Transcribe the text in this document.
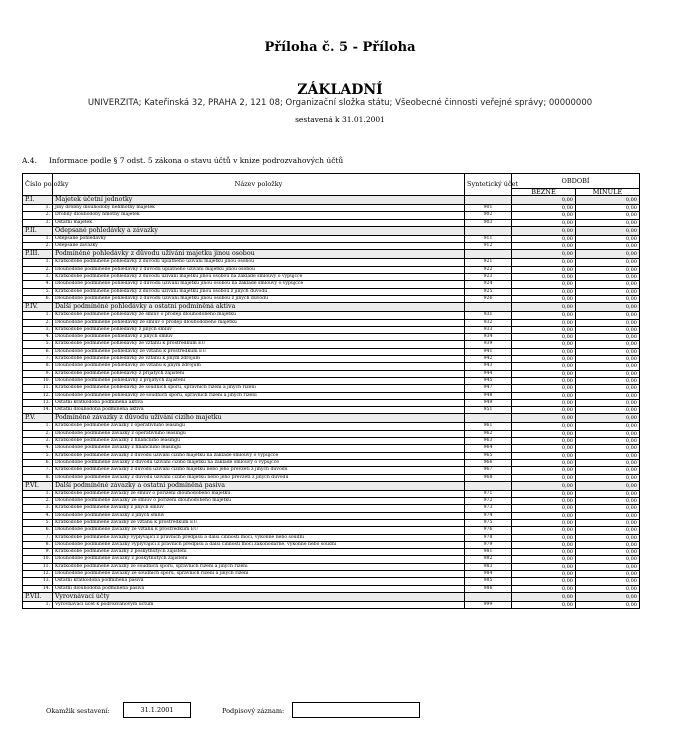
Příloha č. 5 - Příloha
ZÁKLADNÍ
UNIVERZITA; Kateřinská 32, PRAHA 2, 121 08; Organizační složka státu; Všeobecné činnosti veřejné správy; 00000000
sestavená k 31.01.2001
A.4. Informace podle § 7 odst. 5 zákona o stavu účtů v knize podrozvahových účtů
Číslo položky	Název položky	Syntetický účet	OBDOBÍ	
			BĚŽNÉ	MINULÉ
P.I.	Majetek účetní jednotky		0,00	0,00
1.	Jiný drobný dlouhodobý nehmotný majetek	901	0,00	0,00
2.	Drobný dlouhodobý hmotný majetek	902	0,00	0,00
3.	Ostatní majetek	903	0,00	0,00
P.II.	Odepsané pohledávky a závazky		0,00	0,00
1.	Odepsané pohledávky	911	0,00	0,00
2.	Odepsané závazky	912	0,00	0,00
P.III.	Podmíněné pohledávky z důvodu užívání majetku jinou osobou		0,00	0,00
1.	Krátkodobé podmíněné pohledávky z důvodu úplatného užívání majetku jinou osobou	921	0,00	0,00
2.	Dlouhodobé podmíněné pohledávky z důvodu úplatného užívání majetku jinou osobou	922	0,00	0,00
3.	Krátkodobé podmíněné pohledávky z důvodu užívání majetku jinou osobou na základě smlouvy o výpůjčce	923	0,00	0,00
4.	Dlouhodobé podmíněné pohledávky z důvodu užívání majetku jinou osobou na základě smlouvy o výpůjčce	924	0,00	0,00
5.	Krátkodobé podmíněné pohledávky z důvodu užívání majetku jinou osobou z jiných důvodů	925	0,00	0,00
6.	Dlouhodobé podmíněné pohledávky z důvodu užívání majetku jinou osobou z jiných důvodů	926	0,00	0,00
P.IV.	Další podmíněné pohledávky a ostatní podmíněná aktiva		0,00	0,00
1.	Krátkodobé podmíněné pohledávky ze smluv o prodeji dlouhodobého majetku	931	0,00	0,00
2.	Dlouhodobé podmíněné pohledávky ze smluv o prodeji dlouhodobého majetku	932	0,00	0,00
3.	Krátkodobé podmíněné pohledávky z jiných smluv	933	0,00	0,00
4.	Dlouhodobé podmíněné pohledávky z jiných smluv	934	0,00	0,00
5.	Krátkodobé podmíněné pohledávky ze vztahu k prostředkům EU	939	0,00	0,00
6.	Dlouhodobé podmíněné pohledávky ze vztahu k prostředkům EU	941	0,00	0,00
7.	Krátkodobé podmíněné pohledávky ze vztahu k jiným zdrojům	942	0,00	0,00
8.	Dlouhodobé podmíněné pohledávky ze vztahu k jiným zdrojům	943	0,00	0,00
9.	Krátkodobé podmíněné pohledávky z přijatých zajištění	944	0,00	0,00
10.	Dlouhodobé podmíněné pohledávky z přijatých zajištění	945	0,00	0,00
11.	Krátkodobé podmíněné pohledávky ze soudních sporů, správních řízení a jiných řízení	947	0,00	0,00
12.	Dlouhodobé podmíněné pohledávky ze soudních sporů, správních řízení a jiných řízení	948	0,00	0,00
13.	Ostatní krátkodobá podmíněná aktiva	949	0,00	0,00
14.	Ostatní dlouhodobá podmíněná aktiva	951	0,00	0,00
P.V.	Podmíněné závazky z důvodu užívání cizího majetku		0,00	0,00
1.	Krátkodobé podmíněné závazky z operativního leasingu	961	0,00	0,00
2.	Dlouhodobé podmíněné závazky z operativního leasingu	962	0,00	0,00
3.	Krátkodobé podmíněné závazky z finančního leasingu	963	0,00	0,00
4.	Dlouhodobé podmíněné závazky z finančního leasingu	964	0,00	0,00
5.	Krátkodobé podmíněné závazky z důvodu užívání cizího majetku na základě smlouvy o výpůjčce	965	0,00	0,00
6.	Dlouhodobé podmíněné závazky z důvodu užívání cizího majetku na základě smlouvy o výpůjčce	966	0,00	0,00
7.	Krátkodobé podmíněné závazky z důvodu užívání cizího majetku nebo jeho převzetí z jiných důvodů	967	0,00	0,00
8.	Dlouhodobé podmíněné závazky z důvodu užívání cizího majetku nebo jeho převzetí z jiných důvodů	968	0,00	0,00
P.VI.	Další podmíněné závazky a ostatní podmíněná pasiva		0,00	0,00
1.	Krátkodobé podmíněné závazky ze smluv o pořízení dlouhodobého majetku	971	0,00	0,00
2.	Dlouhodobé podmíněné závazky ze smluv o pořízení dlouhodobého majetku	972	0,00	0,00
3.	Krátkodobé podmíněné závazky z jiných smluv	973	0,00	0,00
4.	Dlouhodobé podmíněné závazky z jiných smluv	974	0,00	0,00
5.	Krátkodobé podmíněné závazky ze vztahu k prostředkům EU	975	0,00	0,00
6.	Dlouhodobé podmíněné závazky ze vztahu k prostředkům EU	976	0,00	0,00
7.	Krátkodobé podmíněné závazky vyplývající z právních předpisů a další činnosti moci, vykonné nebo soudní	978	0,00	0,00
8.	Dlouhodobé podmíněné závazky vyplývající z právních předpisů a další činnosti moci zákonodárné, vykonné nebo soudní	979	0,00	0,00
9.	Krátkodobé podmíněné závazky z poskytnutých zajištění	981	0,00	0,00
10.	Dlouhodobé podmíněné závazky z poskytnutých zajištění	982	0,00	0,00
11.	Krátkodobé podmíněné závazky ze soudních sporů, správních řízení a jiných řízení	983	0,00	0,00
12.	Dlouhodobé podmíněné závazky ze soudních sporů, správních řízení a jiných řízení	984	0,00	0,00
13.	Ostatní krátkodobá podmíněná pasiva	985	0,00	0,00
14.	Ostatní dlouhodobá podmíněná pasiva	986	0,00	0,00
P.VII.	Vyrovnávací účty		0,00	0,00
1.	Vyrovnávací účet k podrozvahovým účtům	999	0,00	0,00
Okamžik sestavení:	31.1.2001	Podpisový záznam:
